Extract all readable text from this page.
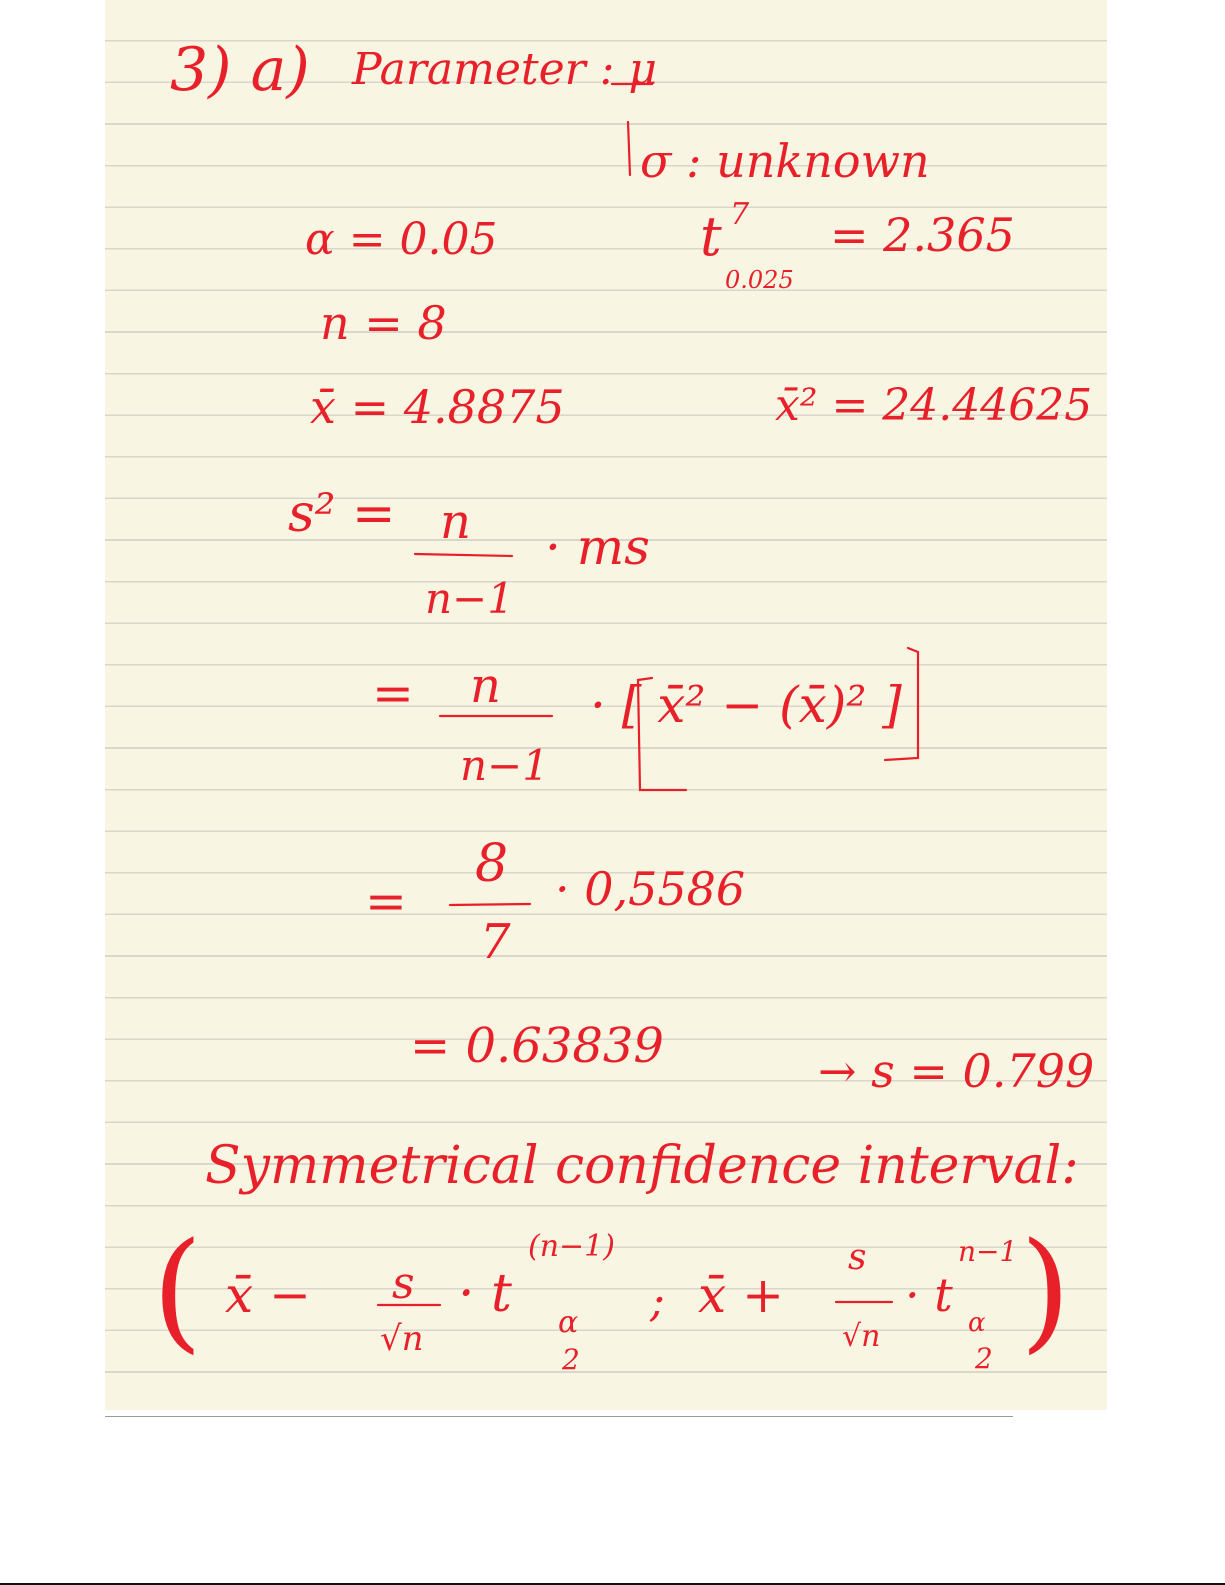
3) a) Parameter : μ
σ : unknown
α = 0.05	t 7
0.025
= 2.365
n = 8
x̄ = 4.8875	x̄² = 24.44625
s² = n
n−1
· ms
= n
n−1
· [ x̄² − (x̄)² ]
=
8
7
· 0,5586
= 0.63839	→ s = 0.799
Symmetrical confidence interval:
( x̄ − s
√n
· t
(n−1)
α
2
; x̄ +
s
√n
· t
n−1
α
2 )
